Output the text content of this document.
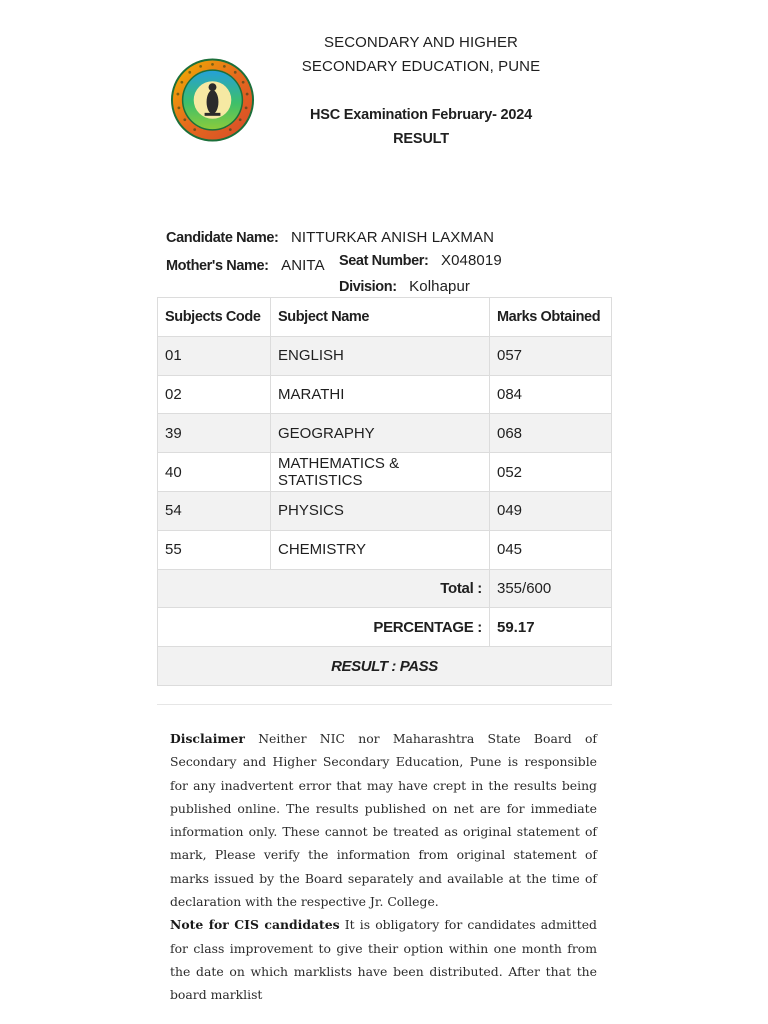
SECONDARY AND HIGHER
SECONDARY EDUCATION, PUNE
HSC Examination February- 2024
RESULT
Candidate Name: NITTURKAR ANISH LAXMAN
Mother's Name: ANITA Seat Number: X048019
Division: Kolhapur
Subjects Code	Subject Name	Marks Obtained
01	ENGLISH	057
02	MARATHI	084
39	GEOGRAPHY	068
40	MATHEMATICS & STATISTICS	052
54	PHYSICS	049
55	CHEMISTRY	045
Total :		355/600
PERCENTAGE :		59.17
RESULT : PASS		

Disclaimer Neither NIC nor Maharashtra State Board of Secondary and Higher Secondary Education, Pune is responsible for any inadvertent error that may have crept in the results being published online. The results published on net are for immediate information only. These cannot be treated as original statement of mark, Please verify the information from original statement of marks issued by the Board separately and available at the time of declaration with the respective Jr. College.
Note for CIS candidates It is obligatory for candidates admitted for class improvement to give their option within one month from the date on which marklists have been distributed. After that the board marklist
